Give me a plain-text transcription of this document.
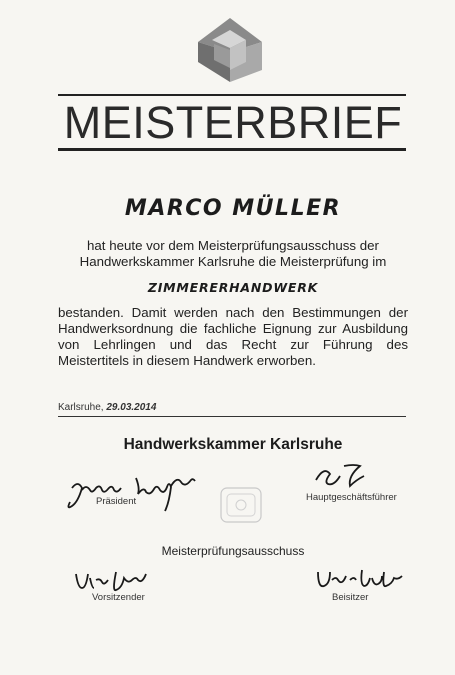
MEISTERBRIEF
MARCO MÜLLER
hat heute vor dem Meisterprüfungsausschuss der Handwerkskammer Karlsruhe die Meisterprüfung im
ZIMMERERHANDWERK
bestanden. Damit werden nach den Bestimmungen der Handwerksordnung die fachliche Eignung zur Ausbildung von Lehrlingen und das Recht zur Führung des Meistertitels in diesem Handwerk erworben.
Karlsruhe, 29.03.2014
Handwerkskammer Karlsruhe
Präsident	Hauptgeschäftsführer
Meisterprüfungsausschuss
Vorsitzender	Beisitzer
